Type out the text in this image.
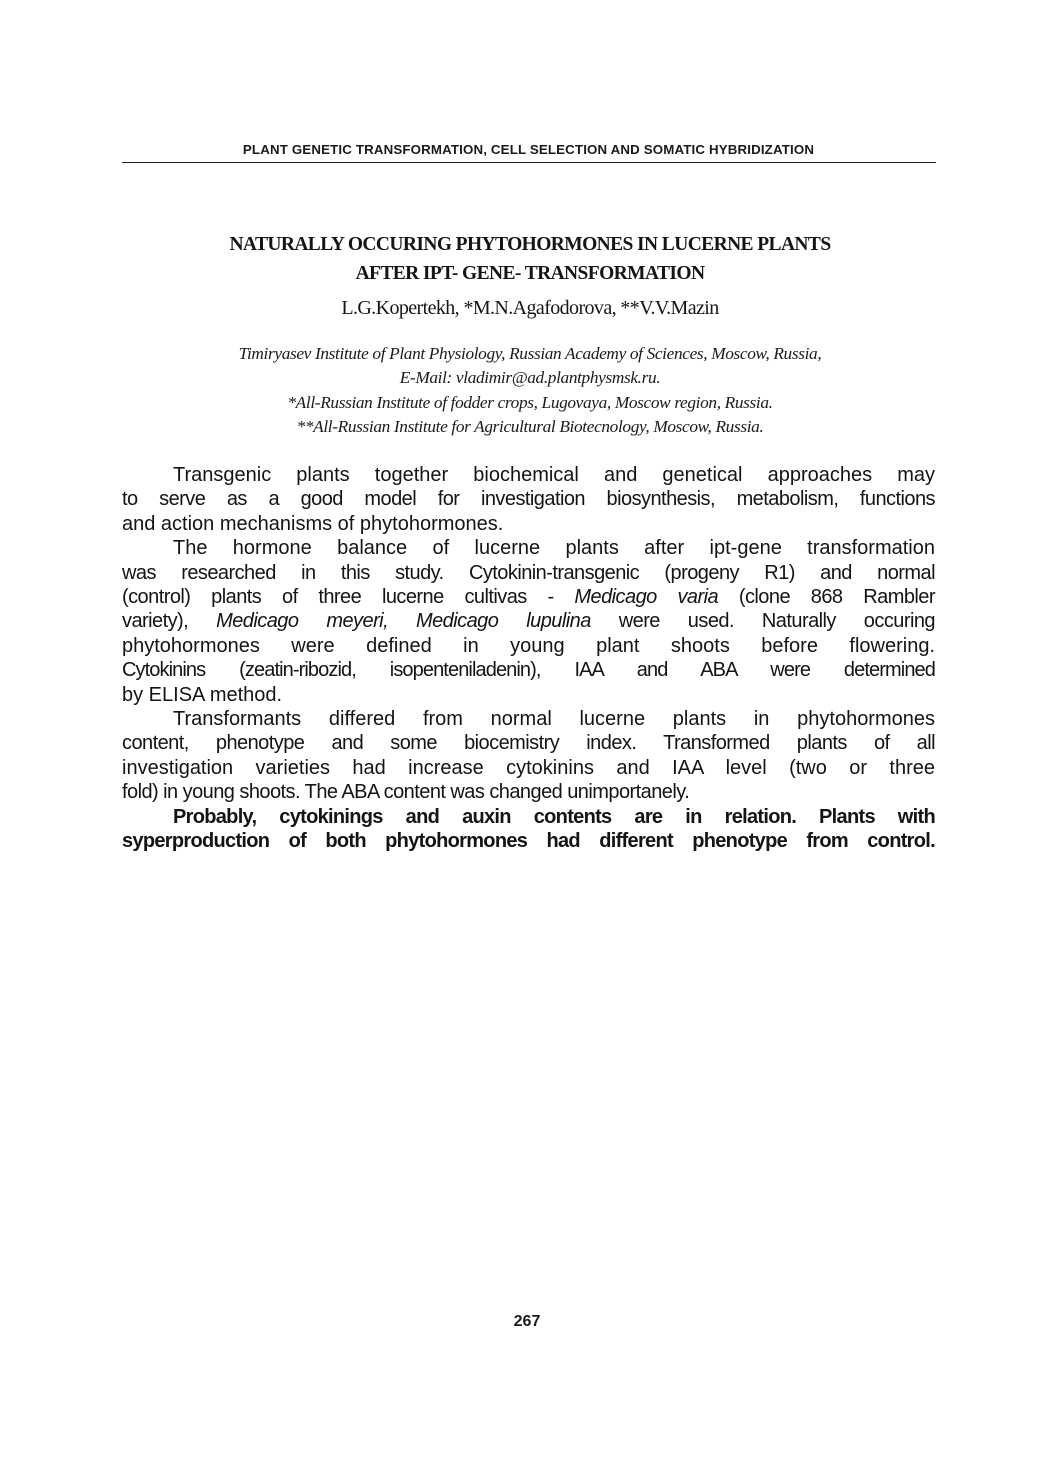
PLANT GENETIC TRANSFORMATION, CELL SELECTION AND SOMATIC HYBRIDIZATION
NATURALLY OCCURING PHYTOHORMONES IN LUCERNE PLANTS
AFTER IPT- GENE- TRANSFORMATION
L.G.Kopertekh, *M.N.Agafodorova, **V.V.Mazin
Timiryasev Institute of Plant Physiology, Russian Academy of Sciences, Moscow, Russia,
E-Mail: vladimir@ad.plantphysmsk.ru.
*All-Russian Institute of fodder crops, Lugovaya, Moscow region, Russia.
**All-Russian Institute for Agricultural Biotecnology, Moscow, Russia.
Transgenic plants together biochemical and genetical approaches may
to serve as a good model for investigation biosynthesis, metabolism, functions
and action mechanisms of phytohormones.
The hormone balance of lucerne plants after ipt-gene transformation
was researched in this study. Cytokinin-transgenic (progeny R1) and normal
(control) plants of three lucerne cultivas - Medicago varia (clone 868 Rambler
variety), Medicago meyeri, Medicago lupulina were used. Naturally occuring
phytohormones were defined in young plant shoots before flowering.
Cytokinins (zeatin-ribozid, isopenteniladenin), IAA and ABA were determined
by ELISA method.
Transformants differed from normal lucerne plants in phytohormones
content, phenotype and some biocemistry index. Transformed plants of all
investigation varieties had increase cytokinins and IAA level (two or three
fold) in young shoots. The ABA content was changed unimportanely.
Probably, cytokinings and auxin contents are in relation. Plants with
syperproduction of both phytohormones had different phenotype from control.
267
